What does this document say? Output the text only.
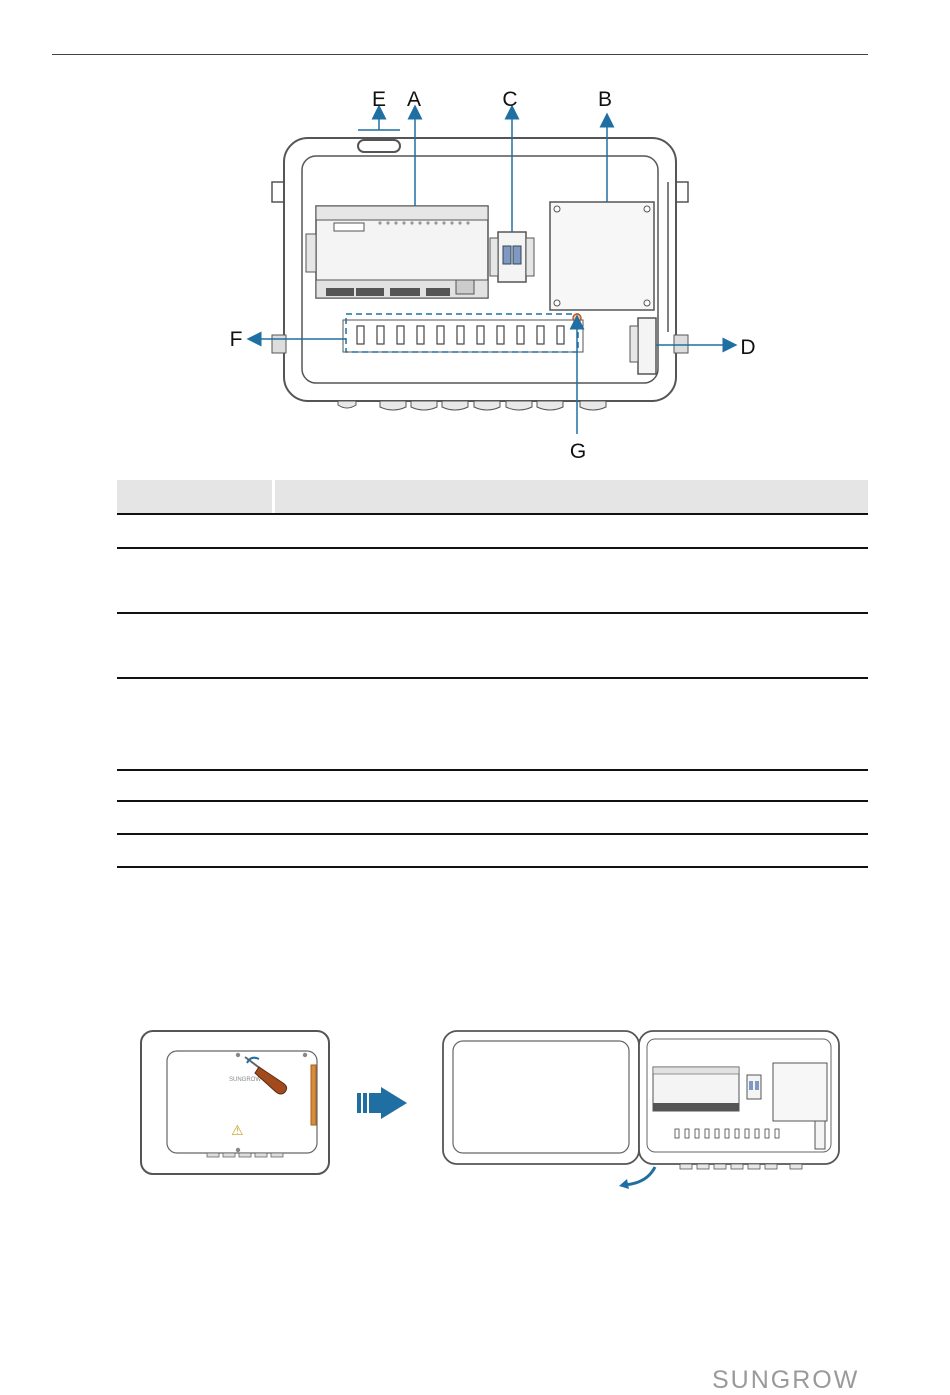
E A	C	B
F	D
G
SUNGROW
⚠
SUNGROW
